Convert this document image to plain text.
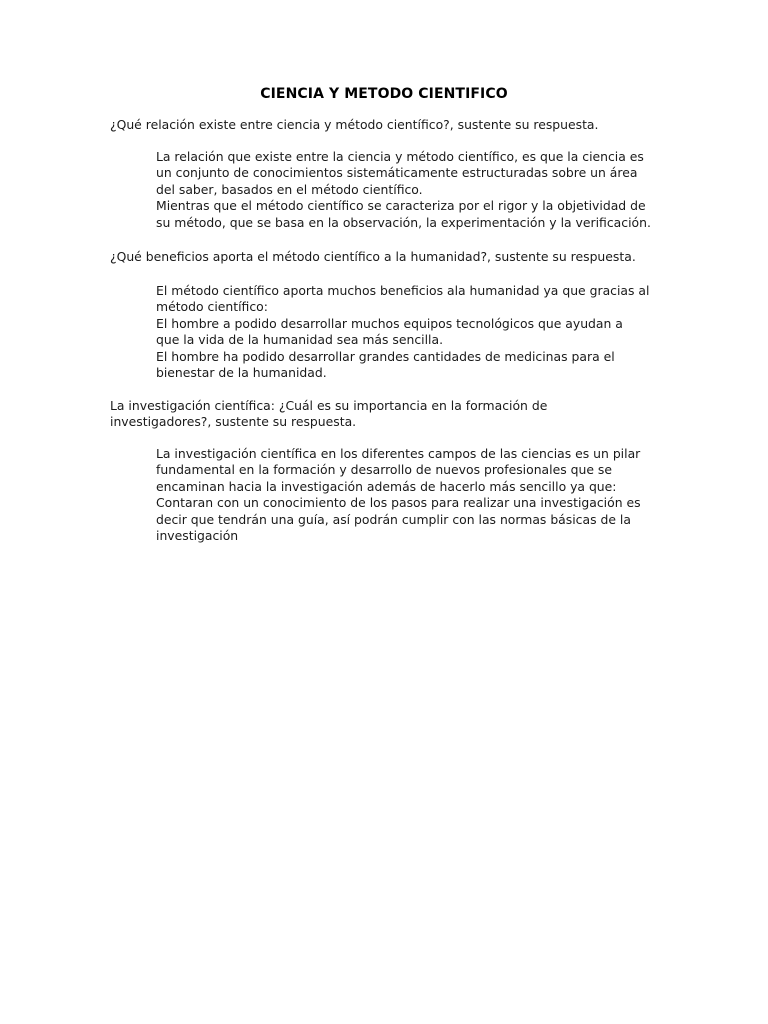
CIENCIA Y METODO CIENTIFICO
¿Qué relación existe entre ciencia y método científico?, sustente su respuesta.
La relación que existe entre la ciencia y método científico, es que la ciencia es
un conjunto de conocimientos sistemáticamente estructuradas sobre un área
del saber, basados en el método científico.
Mientras que el método científico se caracteriza por el rigor y la objetividad de
su método, que se basa en la observación, la experimentación y la verificación.
¿Qué beneficios aporta el método científico a la humanidad?, sustente su respuesta.
El método científico aporta muchos beneficios ala humanidad ya que gracias al
método científico:
El hombre a podido desarrollar muchos equipos tecnológicos que ayudan a
que la vida de la humanidad sea más sencilla.
El hombre ha podido desarrollar grandes cantidades de medicinas para el
bienestar de la humanidad.
La investigación científica: ¿Cuál es su importancia en la formación de
investigadores?, sustente su respuesta.
La investigación científica en los diferentes campos de las ciencias es un pilar
fundamental en la formación y desarrollo de nuevos profesionales que se
encaminan hacia la investigación además de hacerlo más sencillo ya que:
Contaran con un conocimiento de los pasos para realizar una investigación es
decir que tendrán una guía, así podrán cumplir con las normas básicas de la
investigación
